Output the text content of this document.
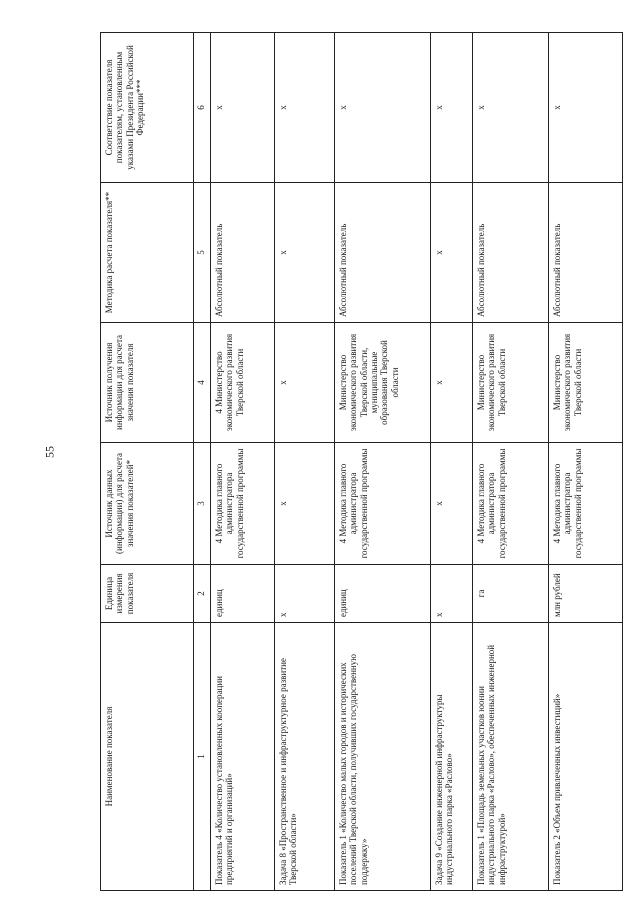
55
Наименование показателя	Единица измерения показателя	Источник данных (информации) для расчета значения показателей*	Источник получения информации для расчета значения показателя	Методика расчета показателя**	Соответствие показателя показателям, установленным указами Президента Российской Федерации***
1	2	3	4	5	6
Показатель 4 «Количество установленных кооперации предприятий и организаций»	единиц	4 Методика главного администратора государственной программы	4 Министерство экономического развития Тверской области	Абсолютный показатель	х
Задача 8 «Пространственное и инфраструктурное развитие Тверской области»	х	х	х	х	х
Показатель 1 «Количество малых городов и исторических поселений Тверской области, получивших государственную поддержку»	единиц	4 Методика главного администратора государственной программы	Министерство экономического развития Тверской области, муниципальные образования Тверской области	Абсолютный показатель	х
Задача 9 «Создание инженерной инфраструктуры индустриального парка «Раслово»	х	х	х	х	х
Показатель 1 «Площадь земельных участков юонии индустриального парка «Раслово», обеспеченных инженерной инфраструктурой»	га	4 Методика главного администратора государственной программы	Министерство экономического развития Тверской области	Абсолютный показатель	х
Показатель 2 «Объем привлеченных инвестиций»	млн рублей	4 Методика главного администратора государственной программы	Министерство экономического развития Тверской области	Абсолютный показатель	х
